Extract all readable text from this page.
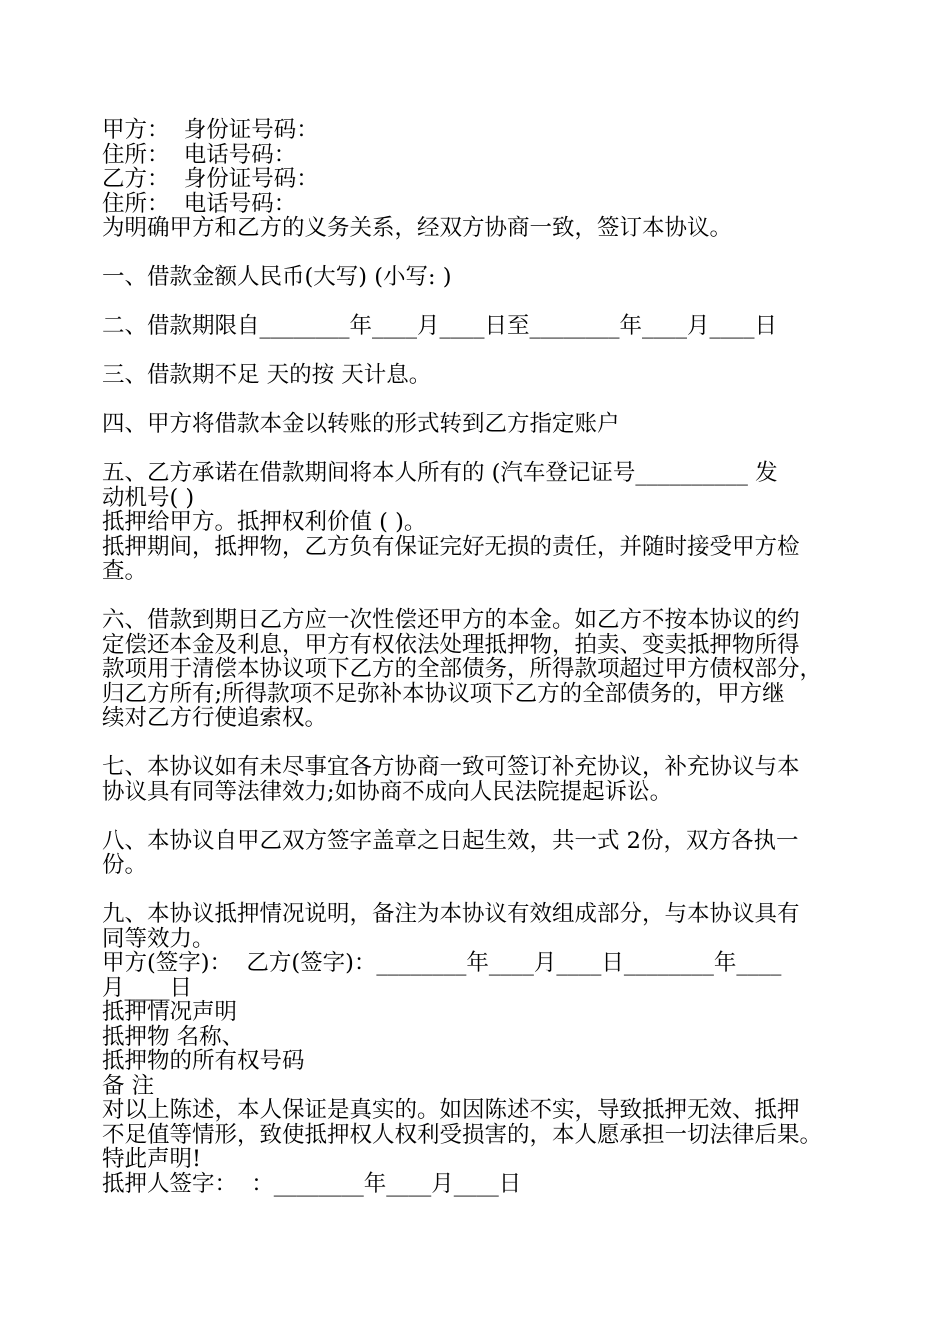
甲方：  身份证号码：
住所：  电话号码：
乙方：  身份证号码：
住所：  电话号码：
为明确甲方和乙方的义务关系，经双方协商一致，签订本协议。
一、借款金额人民币(大写) (小写: )
二、借款期限自________年____月____日至________年____月____日
三、借款期不足 天的按 天计息。
四、甲方将借款本金以转账的形式转到乙方指定账户
五、乙方承诺在借款期间将本人所有的 (汽车登记证号__________ 发
动机号( )
抵押给甲方。抵押权利价值 ( )。
抵押期间，抵押物，乙方负有保证完好无损的责任，并随时接受甲方检
查。
六、借款到期日乙方应一次性偿还甲方的本金。如乙方不按本协议的约
定偿还本金及利息，甲方有权依法处理抵押物，拍卖、变卖抵押物所得
款项用于清偿本协议项下乙方的全部债务，所得款项超过甲方债权部分，
归乙方所有;所得款项不足弥补本协议项下乙方的全部债务的，甲方继
续对乙方行使追索权。
七、本协议如有未尽事宜各方协商一致可签订补充协议，补充协议与本
协议具有同等法律效力;如协商不成向人民法院提起诉讼。
八、本协议自甲乙双方签字盖章之日起生效，共一式 2份，双方各执一
份。
九、本协议抵押情况说明，备注为本协议有效组成部分，与本协议具有
同等效力。
甲方(签字)：  乙方(签字)：________年____月____日________年____
月____日
抵押情况声明
抵押物 名称、
抵押物的所有权号码
备 注
对以上陈述，本人保证是真实的。如因陈述不实，导致抵押无效、抵押
不足值等情形，致使抵押权人权利受损害的，本人愿承担一切法律后果。
特此声明!
抵押人签字：  ：________年____月____日
